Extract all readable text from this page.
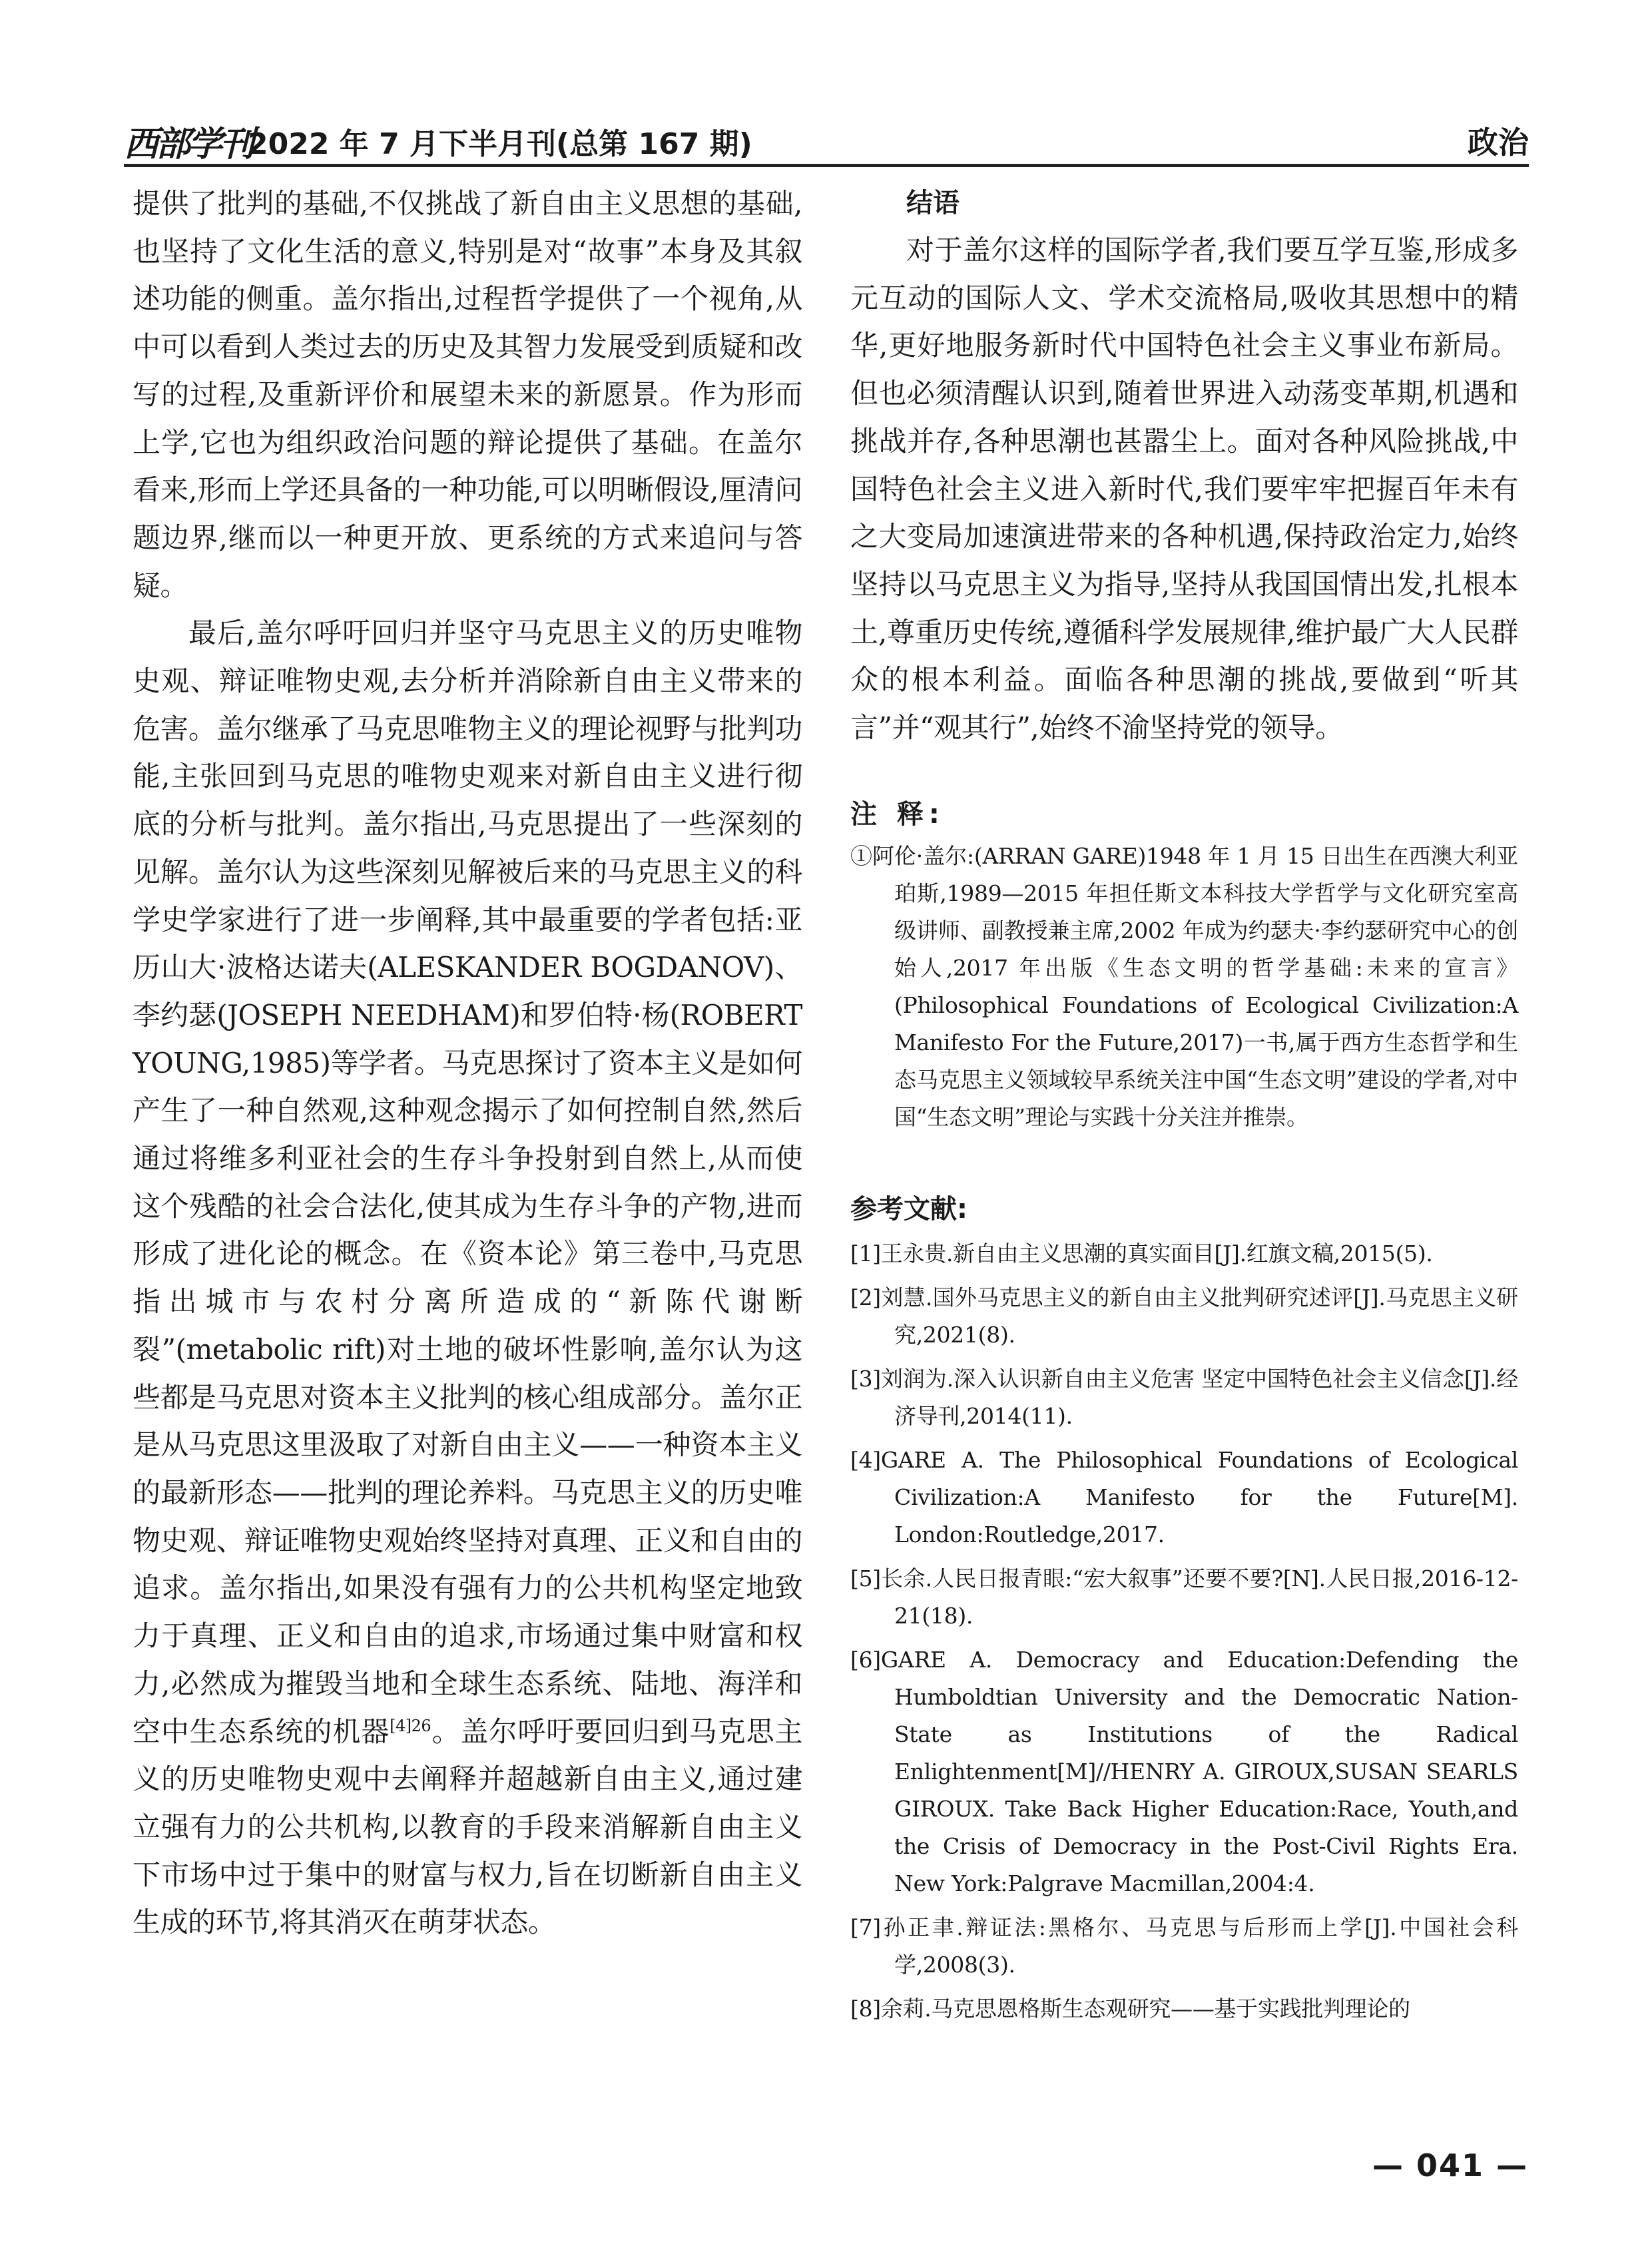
西部学刊
2022 年 7 月下半月刊(总第 167 期)	政治

提供了批判的基础,不仅挑战了新自由主义思想的基础,也坚持了文化生活的意义,特别是对“故事”本身及其叙述功能的侧重。盖尔指出,过程哲学提供了一个视角,从中可以看到人类过去的历史及其智力发展受到质疑和改写的过程,及重新评价和展望未来的新愿景。作为形而上学,它也为组织政治问题的辩论提供了基础。在盖尔看来,形而上学还具备的一种功能,可以明晰假设,厘清问题边界,继而以一种更开放、更系统的方式来追问与答疑。

最后,盖尔呼吁回归并坚守马克思主义的历史唯物史观、辩证唯物史观,去分析并消除新自由主义带来的危害。盖尔继承了马克思唯物主义的理论视野与批判功能,主张回到马克思的唯物史观来对新自由主义进行彻底的分析与批判。盖尔指出,马克思提出了一些深刻的见解。盖尔认为这些深刻见解被后来的马克思主义的科学史学家进行了进一步阐释,其中最重要的学者包括:亚历山大·波格达诺夫(ALESKANDER BOGDANOV)、李约瑟(JOSEPH NEEDHAM)和罗伯特·杨(ROBERT YOUNG,1985)等学者。马克思探讨了资本主义是如何产生了一种自然观,这种观念揭示了如何控制自然,然后通过将维多利亚社会的生存斗争投射到自然上,从而使这个残酷的社会合法化,使其成为生存斗争的产物,进而形成了进化论的概念。在《资本论》第三卷中,马克思指出城市与农村分离所造成的“新陈代谢断裂”(metabolic rift)对土地的破坏性影响,盖尔认为这些都是马克思对资本主义批判的核心组成部分。盖尔正是从马克思这里汲取了对新自由主义——一种资本主义的最新形态——批判的理论养料。马克思主义的历史唯物史观、辩证唯物史观始终坚持对真理、正义和自由的追求。盖尔指出,如果没有强有力的公共机构坚定地致力于真理、正义和自由的追求,市场通过集中财富和权力,必然成为摧毁当地和全球生态系统、陆地、海洋和空中生态系统的机器$^{[4]26}$。盖尔呼吁要回归到马克思主义的历史唯物史观中去阐释并超越新自由主义,通过建立强有力的公共机构,以教育的手段来消解新自由主义下市场中过于集中的财富与权力,旨在切断新自由主义生成的环节,将其消灭在萌芽状态。

结语

对于盖尔这样的国际学者,我们要互学互鉴,形成多元互动的国际人文、学术交流格局,吸收其思想中的精华,更好地服务新时代中国特色社会主义事业布新局。但也必须清醒认识到,随着世界进入动荡变革期,机遇和挑战并存,各种思潮也甚嚣尘上。面对各种风险挑战,中国特色社会主义进入新时代,我们要牢牢把握百年未有之大变局加速演进带来的各种机遇,保持政治定力,始终坚持以马克思主义为指导,坚持从我国国情出发,扎根本土,尊重历史传统,遵循科学发展规律,维护最广大人民群众的根本利益。面临各种思潮的挑战,要做到“听其言”并“观其行”,始终不渝坚持党的领导。

注 释:

①阿伦·盖尔:(ARRAN GARE)1948 年 1 月 15 日出生在西澳大利亚珀斯,1989—2015 年担任斯文本科技大学哲学与文化研究室高级讲师、副教授兼主席,2002 年成为约瑟夫·李约瑟研究中心的创始人,2017 年出版《生态文明的哲学基础:未来的宣言》(Philosophical Foundations of Ecological Civilization:A Manifesto For the Future,2017)一书,属于西方生态哲学和生态马克思主义领域较早系统关注中国“生态文明”建设的学者,对中国“生态文明”理论与实践十分关注并推崇。

参考文献:

[1]王永贵.新自由主义思潮的真实面目[J].红旗文稿,2015(5).

[2]刘慧.国外马克思主义的新自由主义批判研究述评[J].马克思主义研究,2021(8).

[3]刘润为.深入认识新自由主义危害 坚定中国特色社会主义信念[J].经济导刊,2014(11).

[4]GARE A. The Philosophical Foundations of Ecological Civilization:A Manifesto for the Future[M]. London:Routledge,2017.

[5]长余.人民日报青眼:“宏大叙事”还要不要?[N].人民日报,2016-12-21(18).

[6]GARE A. Democracy and Education:Defending the Humboldtian University and the Democratic Nation-State as Institutions of the Radical Enlightenment[M]//HENRY A. GIROUX,SUSAN SEARLS GIROUX. Take Back Higher Education:Race, Youth,and the Crisis of Democracy in the Post-Civil Rights Era. New York:Palgrave Macmillan,2004:4.

[7]孙正聿.辩证法:黑格尔、马克思与后形而上学[J].中国社会科学,2008(3).

[8]余莉.马克思恩格斯生态观研究——基于实践批判理论的

— 041 —
